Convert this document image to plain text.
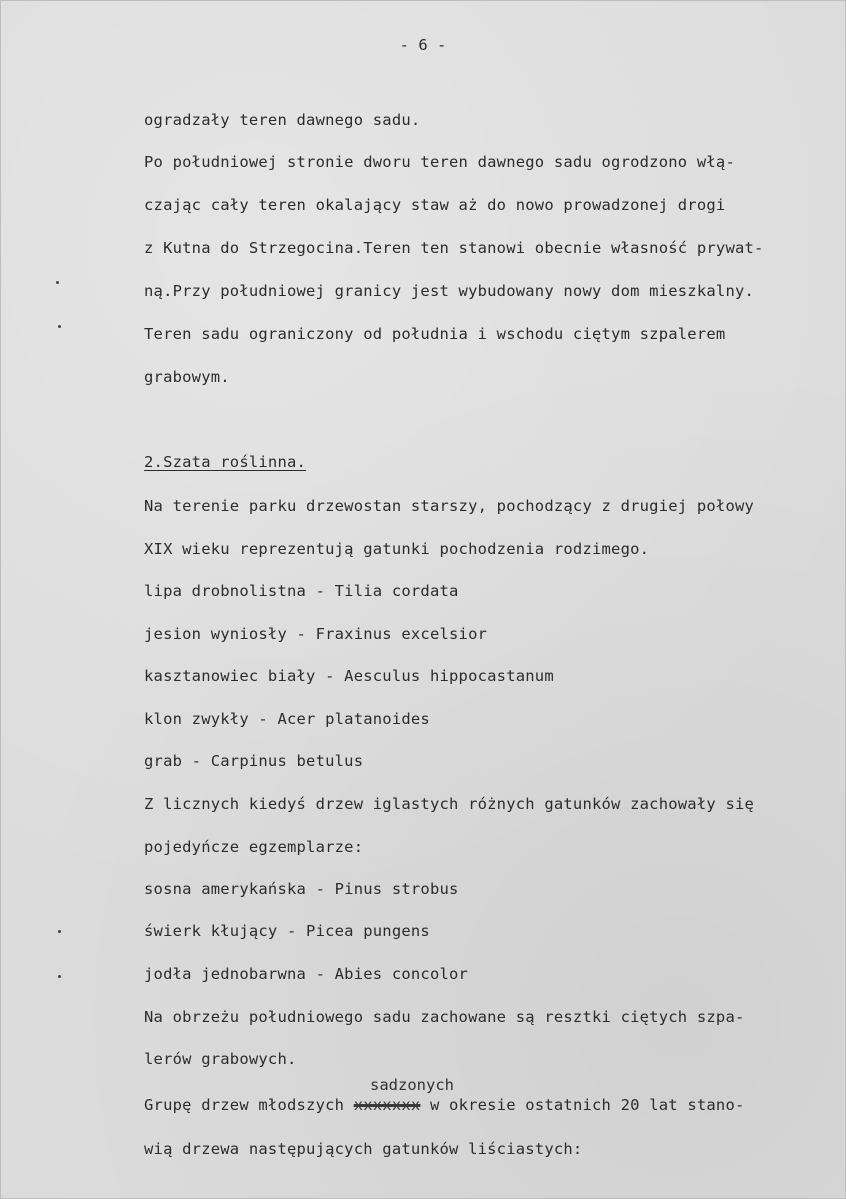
- 6 -
ogradzały teren dawnego sadu.
Po południowej stronie dworu teren dawnego sadu ogrodzono włą-
czając cały teren okalający staw aż do nowo prowadzonej drogi
z Kutna do Strzegocina.Teren ten stanowi obecnie własność prywat-
ną.Przy południowej granicy jest wybudowany nowy dom mieszkalny.
Teren sadu ograniczony od południa i wschodu ciętym szpalerem
grabowym.
2.Szata roślinna.
Na terenie parku drzewostan starszy, pochodzący z drugiej połowy
XIX wieku reprezentują gatunki pochodzenia rodzimego.
lipa drobnolistna - Tilia cordata
jesion wyniosły - Fraxinus excelsior
kasztanowiec biały - Aesculus hippocastanum
klon zwykły - Acer platanoides
grab - Carpinus betulus
Z licznych kiedyś drzew iglastych różnych gatunków zachowały się
pojedyńcze egzemplarze:
sosna amerykańska - Pinus strobus
świerk kłujący - Picea pungens
jodła jednobarwna - Abies concolor
Na obrzeżu południowego sadu zachowane są resztki ciętych szpa-
lerów grabowych.
sadzonych
Grupę drzew młodszych xxxxxxx w okresie ostatnich 20 lat stano-
wią drzewa następujących gatunków liściastych:
